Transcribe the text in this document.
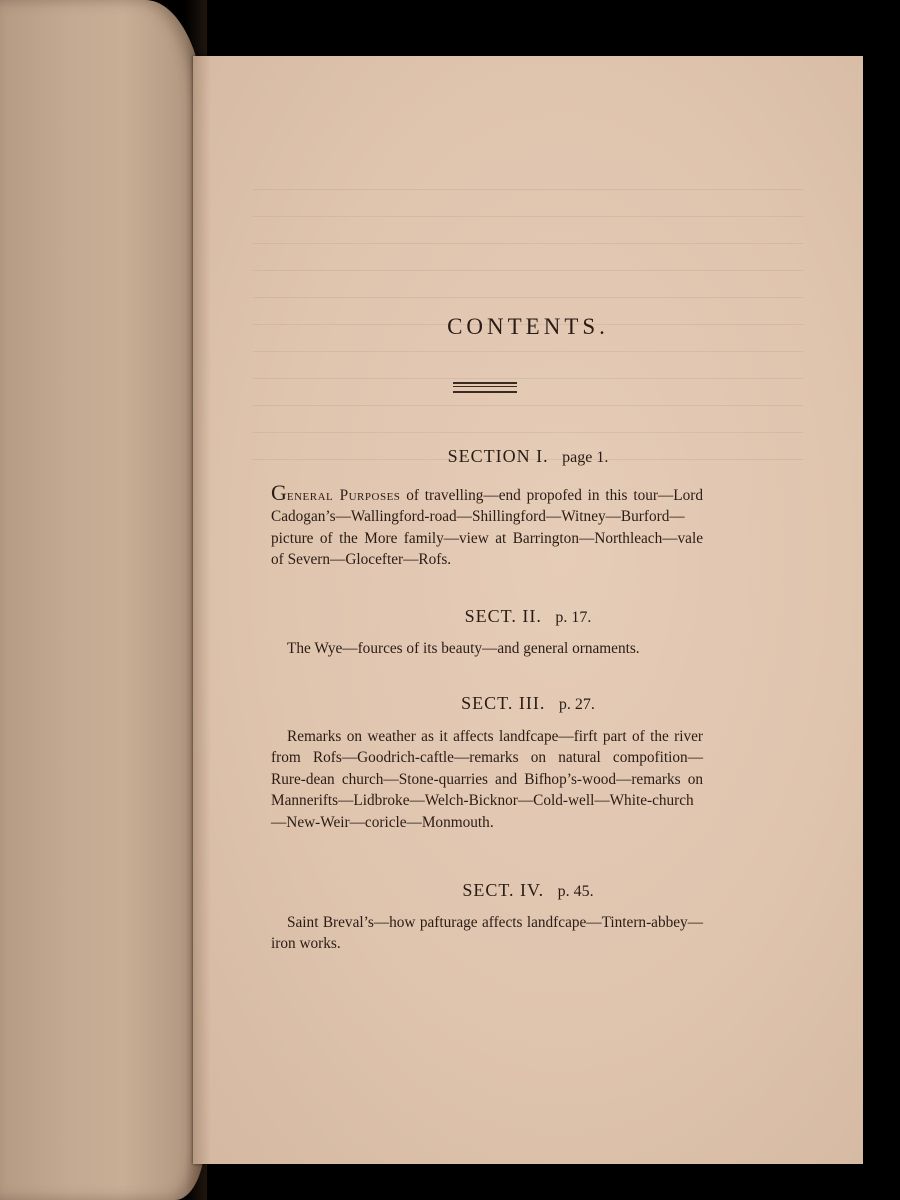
CONTENTS.
SECTION I. page 1.
General Purposes of travelling—end propofed in this tour—Lord Cadogan’s—Wallingford-road—Shillingford—Witney—Burford—picture of the More family—view at Barrington—Northleach—vale of Severn—Glocefter—Rofs.
SECT. II. p. 17.
The Wye—fources of its beauty—and general ornaments.
SECT. III. p. 27.
Remarks on weather as it affects landfcape—firft part of the river from Rofs—Goodrich-caftle—remarks on natural compofition—Rure-dean church—Stone-quarries and Bifhop’s-wood—remarks on Mannerifts—Lidbroke—Welch-Bicknor—Cold-well—White-church—New-Weir—coricle—Monmouth.
SECT. IV. p. 45.
Saint Breval’s—how pafturage affects landfcape—Tintern-abbey—iron works.
